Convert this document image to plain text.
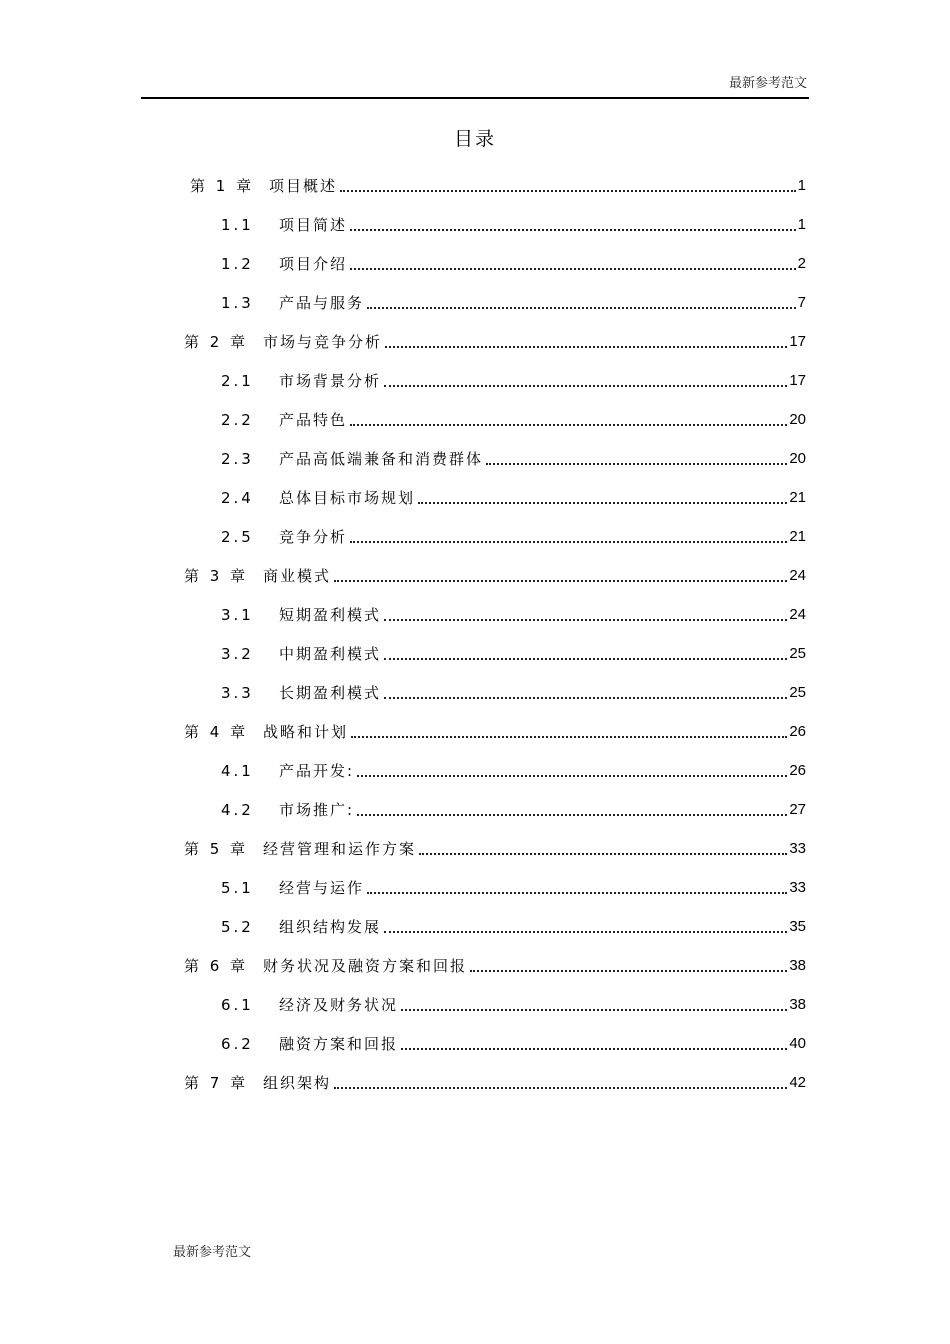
最新参考范文
目录
第 1 章 项目概述	1
1.1	项目简述	1
1.2	项目介绍	2
1.3	产品与服务	7
第 2 章 市场与竞争分析	17
2.1	市场背景分析	17
2.2	产品特色	20
2.3	产品高低端兼备和消费群体	20
2.4	总体目标市场规划	21
2.5	竞争分析	21
第 3 章 商业模式	24
3.1	短期盈利模式	24
3.2	中期盈利模式	25
3.3	长期盈利模式	25
第 4 章 战略和计划	26
4.1	产品开发:	26
4.2	市场推广:	27
第 5 章 经营管理和运作方案	33
5.1	经营与运作	33
5.2	组织结构发展	35
第 6 章 财务状况及融资方案和回报	38
6.1	经济及财务状况	38
6.2	融资方案和回报	40
第 7 章 组织架构	42
最新参考范文
